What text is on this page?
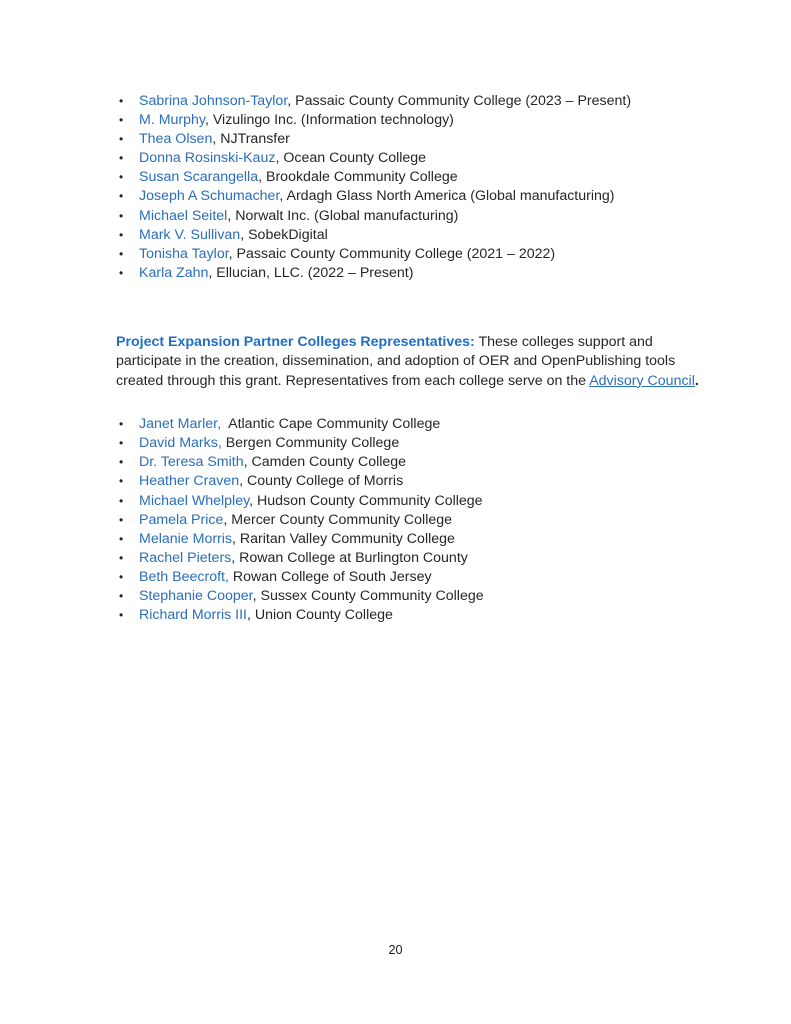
•	Sabrina Johnson-Taylor, Passaic County Community College (2023 – Present)
•	M. Murphy, Vizulingo Inc. (Information technology)
•	Thea Olsen, NJTransfer
•	Donna Rosinski-Kauz, Ocean County College
•	Susan Scarangella, Brookdale Community College
•	Joseph A Schumacher, Ardagh Glass North America (Global manufacturing)
•	Michael Seitel, Norwalt Inc. (Global manufacturing)
•	Mark V. Sullivan, SobekDigital
•	Tonisha Taylor, Passaic County Community College (2021 – 2022)
•	Karla Zahn, Ellucian, LLC. (2022 – Present)
Project Expansion Partner Colleges Representatives: These colleges support and participate in the creation, dissemination, and adoption of OER and OpenPublishing tools created through this grant. Representatives from each college serve on the Advisory Council.
•	Janet Marler,  Atlantic Cape Community College
•	David Marks, Bergen Community College
•	Dr. Teresa Smith, Camden County College
•	Heather Craven, County College of Morris
•	Michael Whelpley, Hudson County Community College
•	Pamela Price, Mercer County Community College
•	Melanie Morris, Raritan Valley Community College
•	Rachel Pieters, Rowan College at Burlington County
•	Beth Beecroft, Rowan College of South Jersey
•	Stephanie Cooper, Sussex County Community College
•	Richard Morris III, Union County College
20
